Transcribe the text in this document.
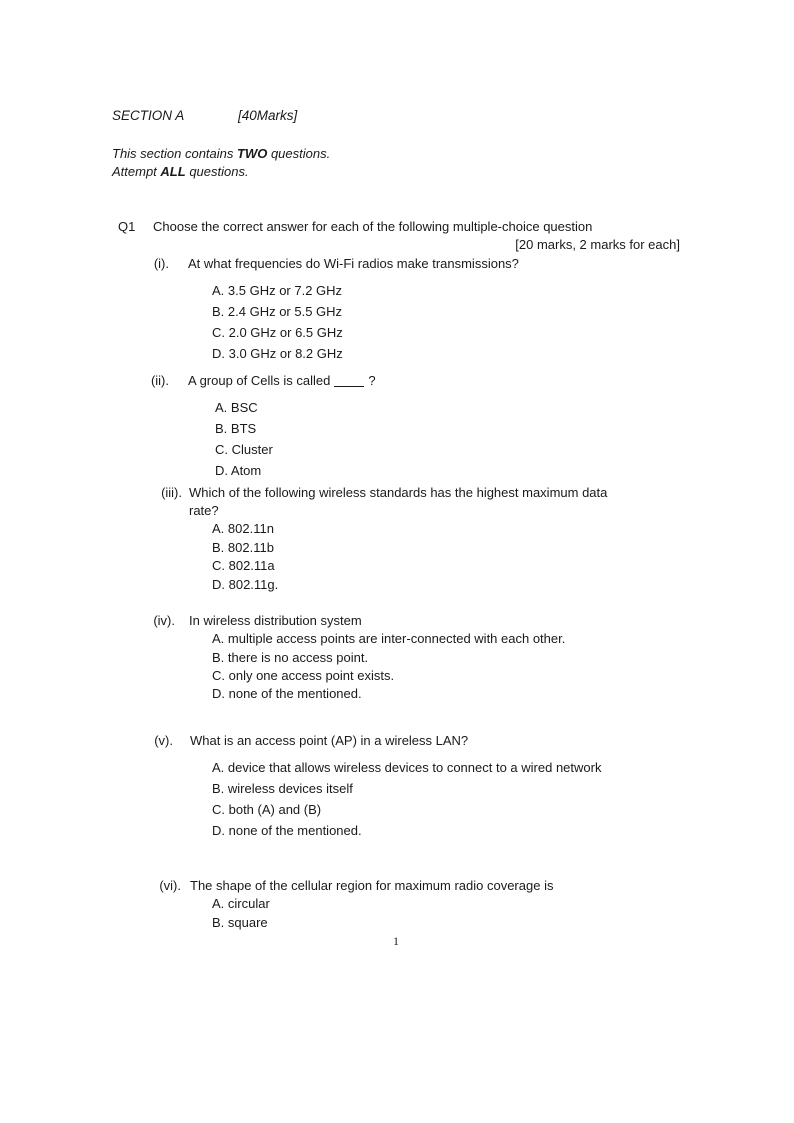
SECTION A	[40Marks]
This section contains TWO questions.
Attempt ALL questions.
Q1 Choose the correct answer for each of the following multiple-choice question
[20 marks, 2 marks for each]
(i). At what frequencies do Wi-Fi radios make transmissions?
A. 3.5 GHz or 7.2 GHz
B. 2.4 GHz or 5.5 GHz
C. 2.0 GHz or 6.5 GHz
D. 3.0 GHz or 8.2 GHz
(ii). A group of Cells is called	?
A. BSC
B. BTS
C. Cluster
D. Atom
(iii). Which of the following wireless standards has the highest maximum data
rate?
A. 802.11n
B. 802.11b
C. 802.11a
D. 802.11g.
(iv). In wireless distribution system
A. multiple access points are inter-connected with each other.
B. there is no access point.
C. only one access point exists.
D. none of the mentioned.
(v). What is an access point (AP) in a wireless LAN?
A. device that allows wireless devices to connect to a wired network
B. wireless devices itself
C. both (A) and (B)
D. none of the mentioned.
(vi). The shape of the cellular region for maximum radio coverage is
A. circular
B. square
1
